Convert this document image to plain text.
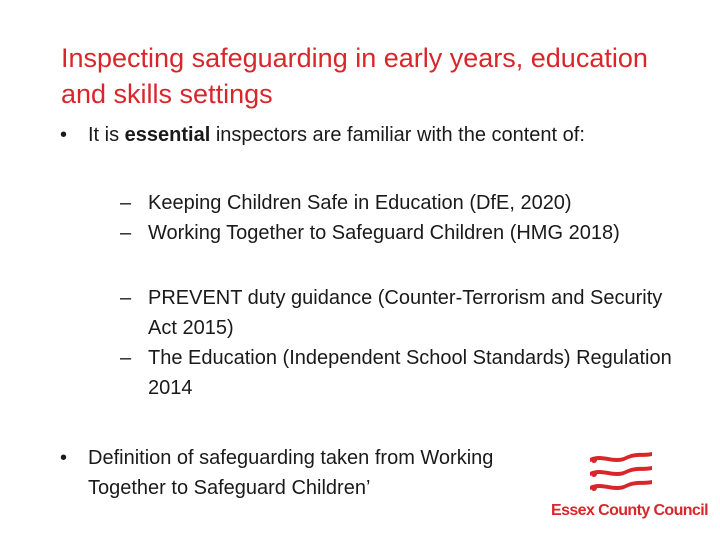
Inspecting safeguarding in early years, education and skills settings
• It is essential inspectors are familiar with the content of:
– Keeping Children Safe in Education (DfE, 2020)
– Working Together to Safeguard Children (HMG 2018)
– PREVENT duty guidance (Counter-Terrorism and Security Act 2015)
– The Education (Independent School Standards) Regulation 2014
• Definition of safeguarding taken from Working Together to Safeguard Children’
Essex County Council
